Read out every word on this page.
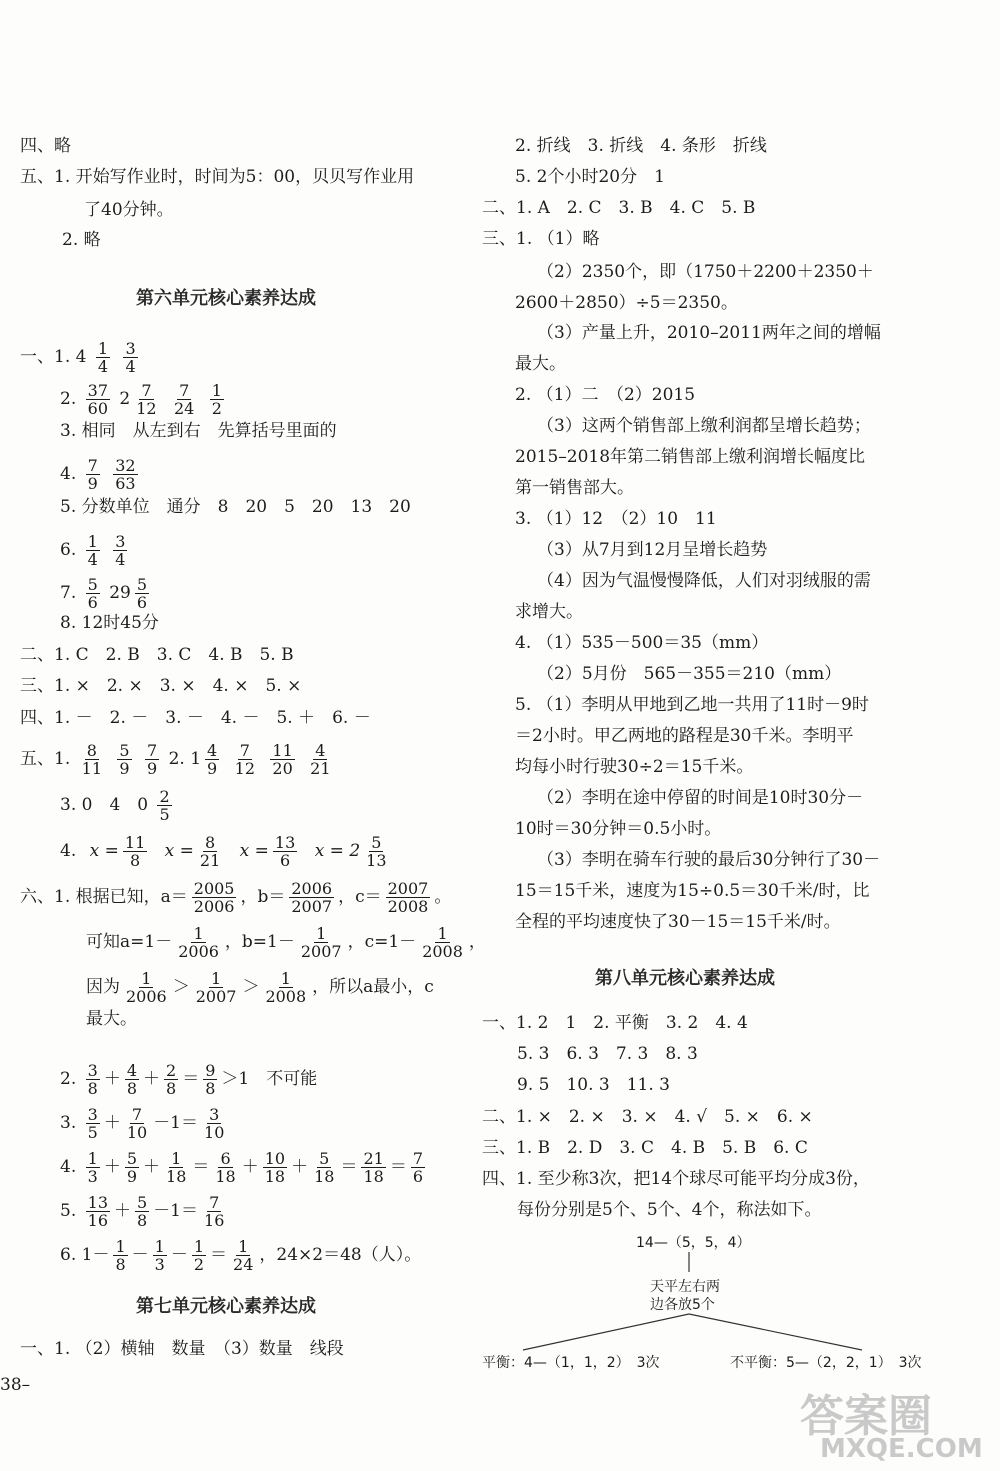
四、略
五、1. 开始写作业时，时间为5：00，贝贝写作业用
了40分钟。
2. 略
第六单元核心素养达成
一、1. $4 \frac{1}{4}$
$\frac{3}{4}$
2. $\frac{37}{60} 2 \frac{7}{12}$
$\frac{7}{24}$
$\frac{1}{2}$
3. 相同　从左到右　先算括号里面的
4. $\frac{7}{9}$
$\frac{32}{63}$
5. 分数单位　通分　8　20　5　20　13　20
6. $\frac{1}{4}$
$\frac{3}{4}$
7. $\frac{5}{6} 29 \frac{5}{6}$
8. 12时45分
二、1. C　2. B　3. C　4. B　5. B
三、1. ×　2. ×　3. ×　4. ×　5. ×
四、1. －　2. －　3. －　4. －　5. ＋　6. －
五、1. $\frac{8}{11}$
$\frac{5}{9}$
$\frac{7}{9} 2$. $1 \frac{4}{9}$
$\frac{7}{12}$
$\frac{11}{20}$
$\frac{4}{21}$
3. 0　4　$0 \frac{2}{5}$
4. $x = \frac{11}{8}$ $x = \frac{8}{21}$ $x = \frac{13}{6}$ $x = 2 \frac{5}{13}$
六、1. 根据已知，$a= \frac{2005}{2006}$ ，$b= \frac{2006}{2007}$ ，$c= \frac{2007}{2008}$ 。
可知$a=1- \frac{1}{2006}$ ，$b=1- \frac{1}{2007}$ ，$c=1- \frac{1}{2008}$ ，
因为 $\frac{1}{2006} > \frac{1}{2007} > \frac{1}{2008}$ ，所以a最小，c
最大。
2. $\frac{3}{8} + \frac{4}{8} + \frac{2}{8} = \frac{9}{8} >1$　不可能
3. $\frac{3}{5} + \frac{7}{10} -1= \frac{3}{10}$
4. $\frac{1}{3} + \frac{5}{9} + \frac{1}{18} = \frac{6}{18} + \frac{10}{18} + \frac{5}{18} = \frac{21}{18} = \frac{7}{6}$
5. $\frac{13}{16} + \frac{5}{8} -1= \frac{7}{16}$
6. $1- \frac{1}{8} - \frac{1}{3} - \frac{1}{2} = \frac{1}{24}$ ，24×2＝48（人）。
第七单元核心素养达成
一、1. （2）横轴　数量　（3）数量　线段
38–
2. 折线　3. 折线　4. 条形　折线
5. 2个小时20分　1
二、1. A　2. C　3. B　4. C　5. B
三、1. （1）略
（2）2350个，即（1750＋2200＋2350＋
2600＋2850）÷5＝2350。
（3）产量上升，2010–2011两年之间的增幅
最大。
2. （1）二　（2）2015
（3）这两个销售部上缴利润都呈增长趋势；
2015–2018年第二销售部上缴利润增长幅度比
第一销售部大。
3. （1）12　（2）10　11
（3）从7月到12月呈增长趋势
（4）因为气温慢慢降低，人们对羽绒服的需
求增大。
4. （1）535－500＝35（mm）
（2）5月份　565－355＝210（mm）
5. （1）李明从甲地到乙地一共用了11时－9时
＝2小时。甲乙两地的路程是30千米。李明平
均每小时行驶30÷2＝15千米。
（2）李明在途中停留的时间是10时30分－
10时＝30分钟＝0.5小时。
（3）李明在骑车行驶的最后30分钟行了30－
15＝15千米，速度为15÷0.5＝30千米/时，比
全程的平均速度快了30－15＝15千米/时。
第八单元核心素养达成
一、1. 2　1　2. 平衡　3. 2　4. 4
5. 3　6. 3　7. 3　8. 3
9. 5　10. 3　11. 3
二、1. ×　2. ×　3. ×　4. √　5. ×　6. ×
三、1. B　2. D　3. C　4. B　5. B　6. C
四、1. 至少称3次，把14个球尽可能平均分成3份，
每份分别是5个、5个、4个，称法如下。
14—（5，5，4）
天平左右两
边各放5个
平衡：4—（1，1，2）　3次	不平衡：5—（2，2，1）　3次
答案圈
MXQE.COM
